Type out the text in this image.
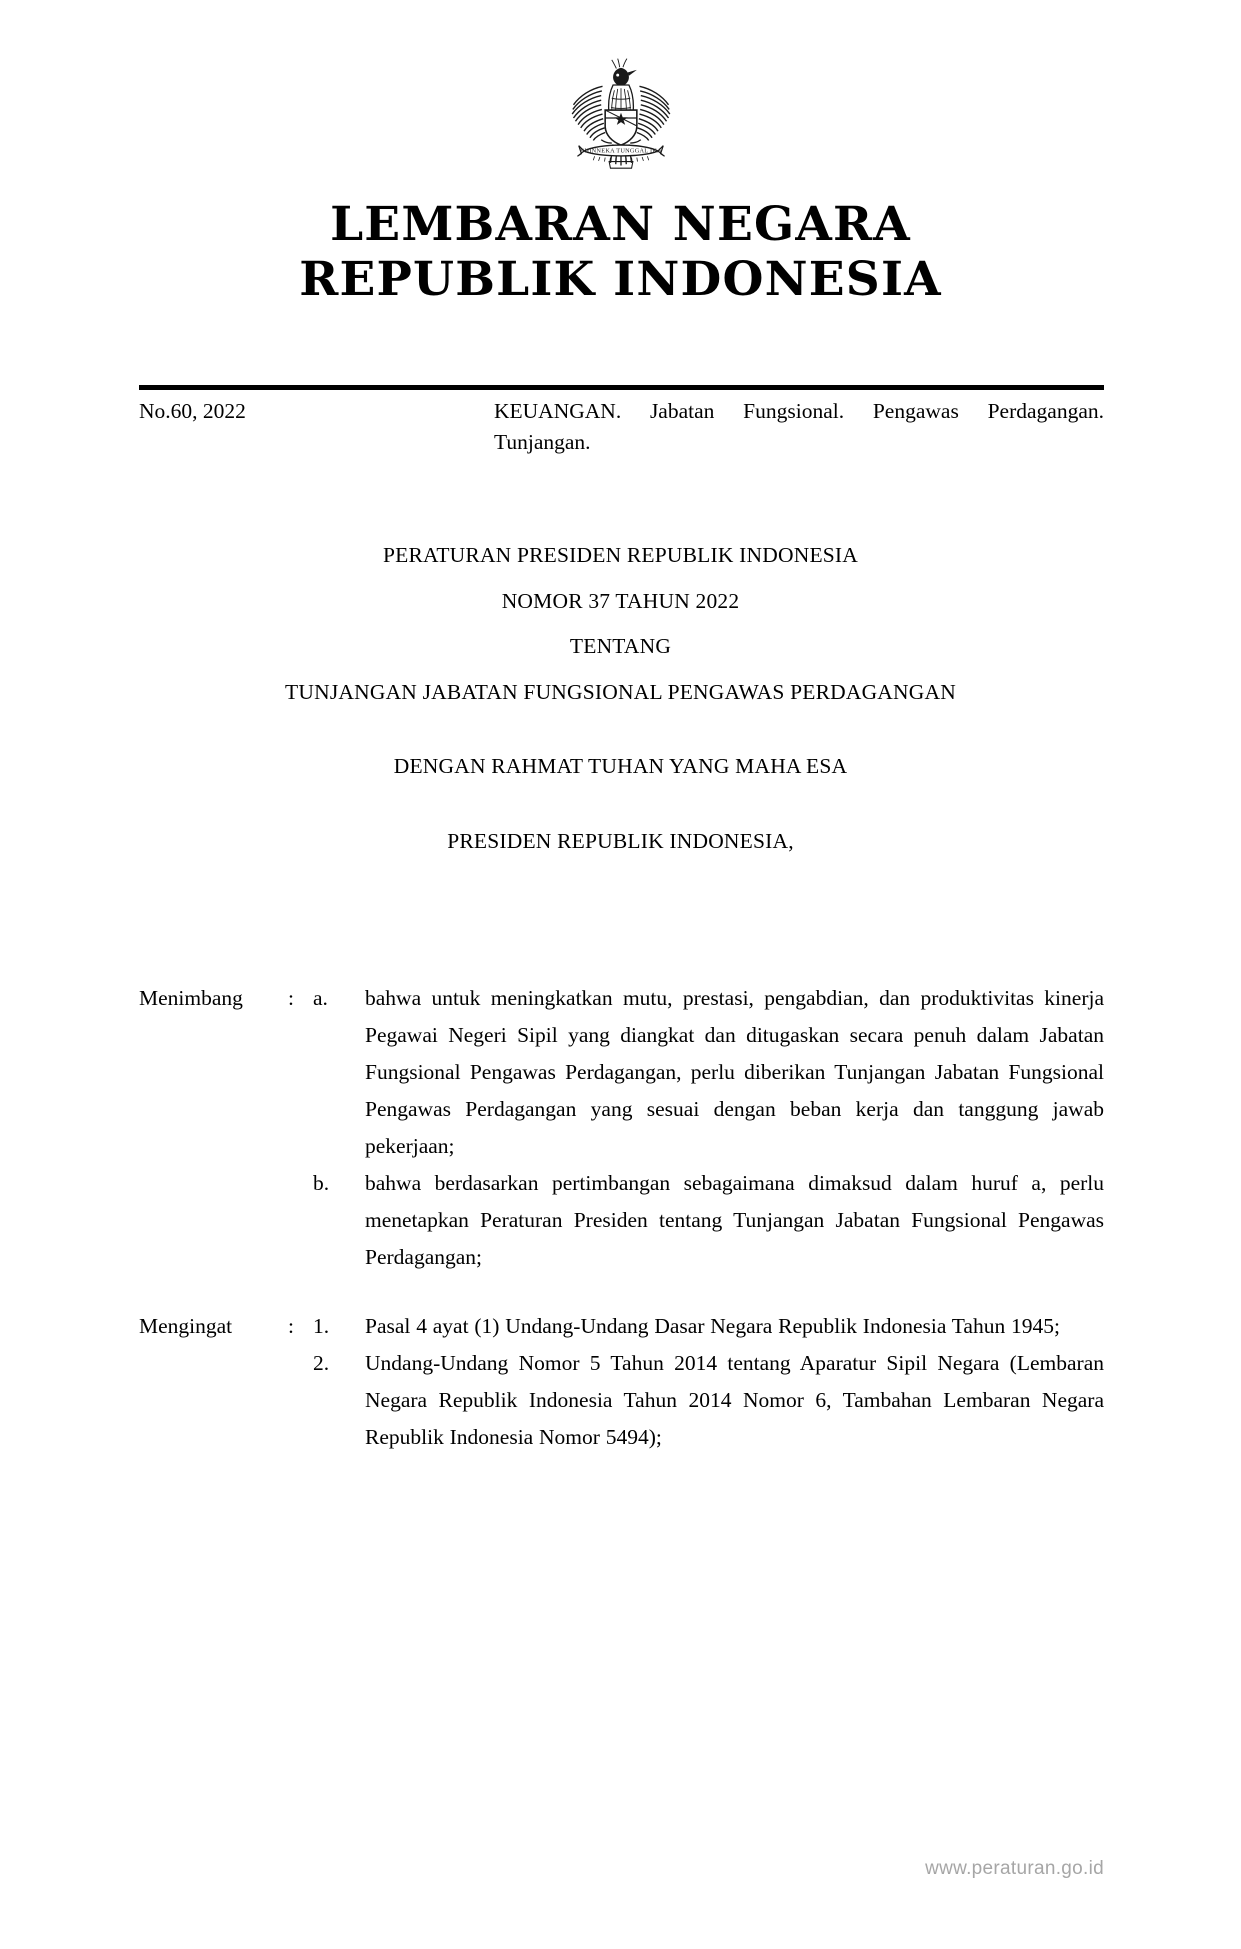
BHINNEKA TUNGGAL IKA
LEMBARAN NEGARA
REPUBLIK INDONESIA
No.60, 2022	KEUANGAN. Jabatan Fungsional. Pengawas Perdagangan. Tunjangan.
PERATURAN PRESIDEN REPUBLIK INDONESIA
NOMOR 37 TAHUN 2022
TENTANG
TUNJANGAN JABATAN FUNGSIONAL PENGAWAS PERDAGANGAN
DENGAN RAHMAT TUHAN YANG MAHA ESA
PRESIDEN REPUBLIK INDONESIA,
Menimbang	: a.	bahwa untuk meningkatkan mutu, prestasi, pengabdian, dan produktivitas kinerja Pegawai Negeri Sipil yang diangkat dan ditugaskan secara penuh dalam Jabatan Fungsional Pengawas Perdagangan, perlu diberikan Tunjangan Jabatan Fungsional Pengawas Perdagangan yang sesuai dengan beban kerja dan tanggung jawab pekerjaan;
b.	bahwa berdasarkan pertimbangan sebagaimana dimaksud dalam huruf a, perlu menetapkan Peraturan Presiden tentang Tunjangan Jabatan Fungsional Pengawas Perdagangan;
Mengingat	: 1.	Pasal 4 ayat (1) Undang-Undang Dasar Negara Republik Indonesia Tahun 1945;
2.	Undang-Undang Nomor 5 Tahun 2014 tentang Aparatur Sipil Negara (Lembaran Negara Republik Indonesia Tahun 2014 Nomor 6, Tambahan Lembaran Negara Republik Indonesia Nomor 5494);
www.peraturan.go.id
